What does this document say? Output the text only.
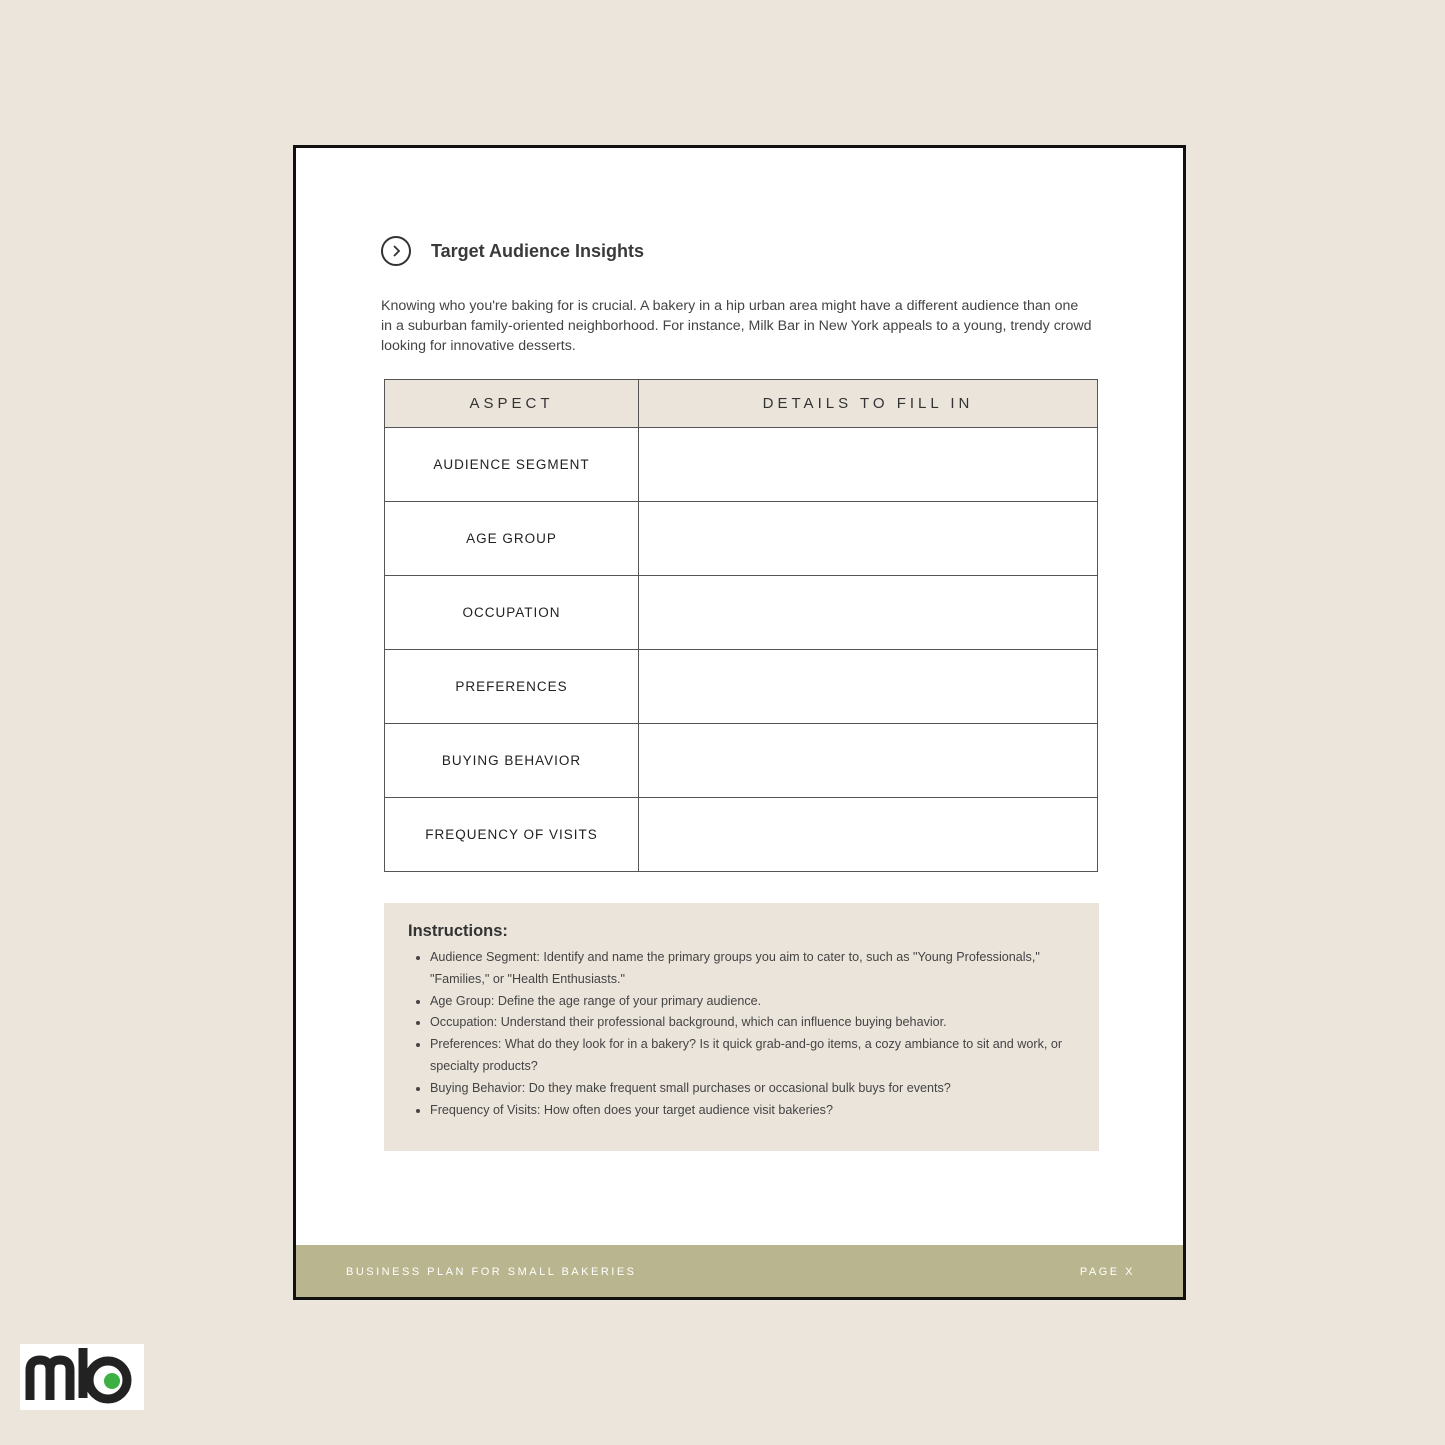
Target Audience Insights

Knowing who you're baking for is crucial. A bakery in a hip urban area might have a different audience than one in a suburban family-oriented neighborhood. For instance, Milk Bar in New York appeals to a young, trendy crowd looking for innovative desserts.

ASPECT	DETAILS TO FILL IN
AUDIENCE SEGMENT	
AGE GROUP	
OCCUPATION	
PREFERENCES	
BUYING BEHAVIOR	
FREQUENCY OF VISITS	
Instructions:
• Audience Segment: Identify and name the primary groups you aim to cater to, such as "Young Professionals," "Families," or "Health Enthusiasts."
• Age Group: Define the age range of your primary audience.
• Occupation: Understand their professional background, which can influence buying behavior.
• Preferences: What do they look for in a bakery? Is it quick grab-and-go items, a cozy ambiance to sit and work, or specialty products?
• Buying Behavior: Do they make frequent small purchases or occasional bulk buys for events?
• Frequency of Visits: How often does your target audience visit bakeries?
BUSINESS PLAN FOR SMALL BAKERIES	PAGE X
